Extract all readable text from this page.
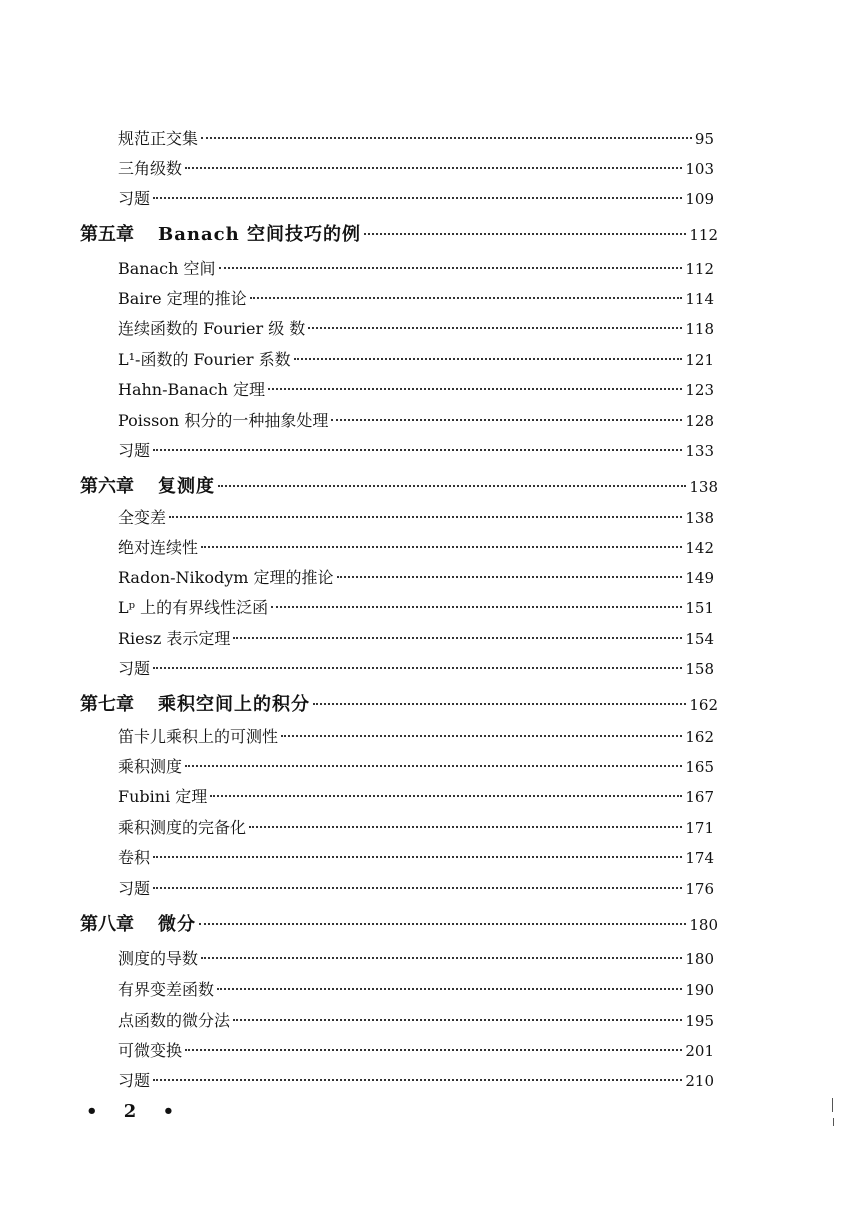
规范正交集	95
三角级数	103
习题	109
第五章 Banach 空间技巧的例	112
Banach 空间	112
Baire 定理的推论	114
连续函数的 Fourier 级 数	118
L¹-函数的 Fourier 系数	121
Hahn-Banach 定理	123
Poisson 积分的一种抽象处理	128
习题	133
第六章 复测度	138
全变差	138
绝对连续性	142
Radon-Nikodym 定理的推论	149
Lᵖ 上的有界线性泛函	151
Riesz 表示定理	154
习题	158
第七章 乘积空间上的积分	162
笛卡儿乘积上的可测性	162
乘积测度	165
Fubini 定理	167
乘积测度的完备化	171
卷积	174
习题	176
第八章 微分	180
测度的导数	180
有界变差函数	190
点函数的微分法	195
可微变换	201
习题	210
• 2 •
